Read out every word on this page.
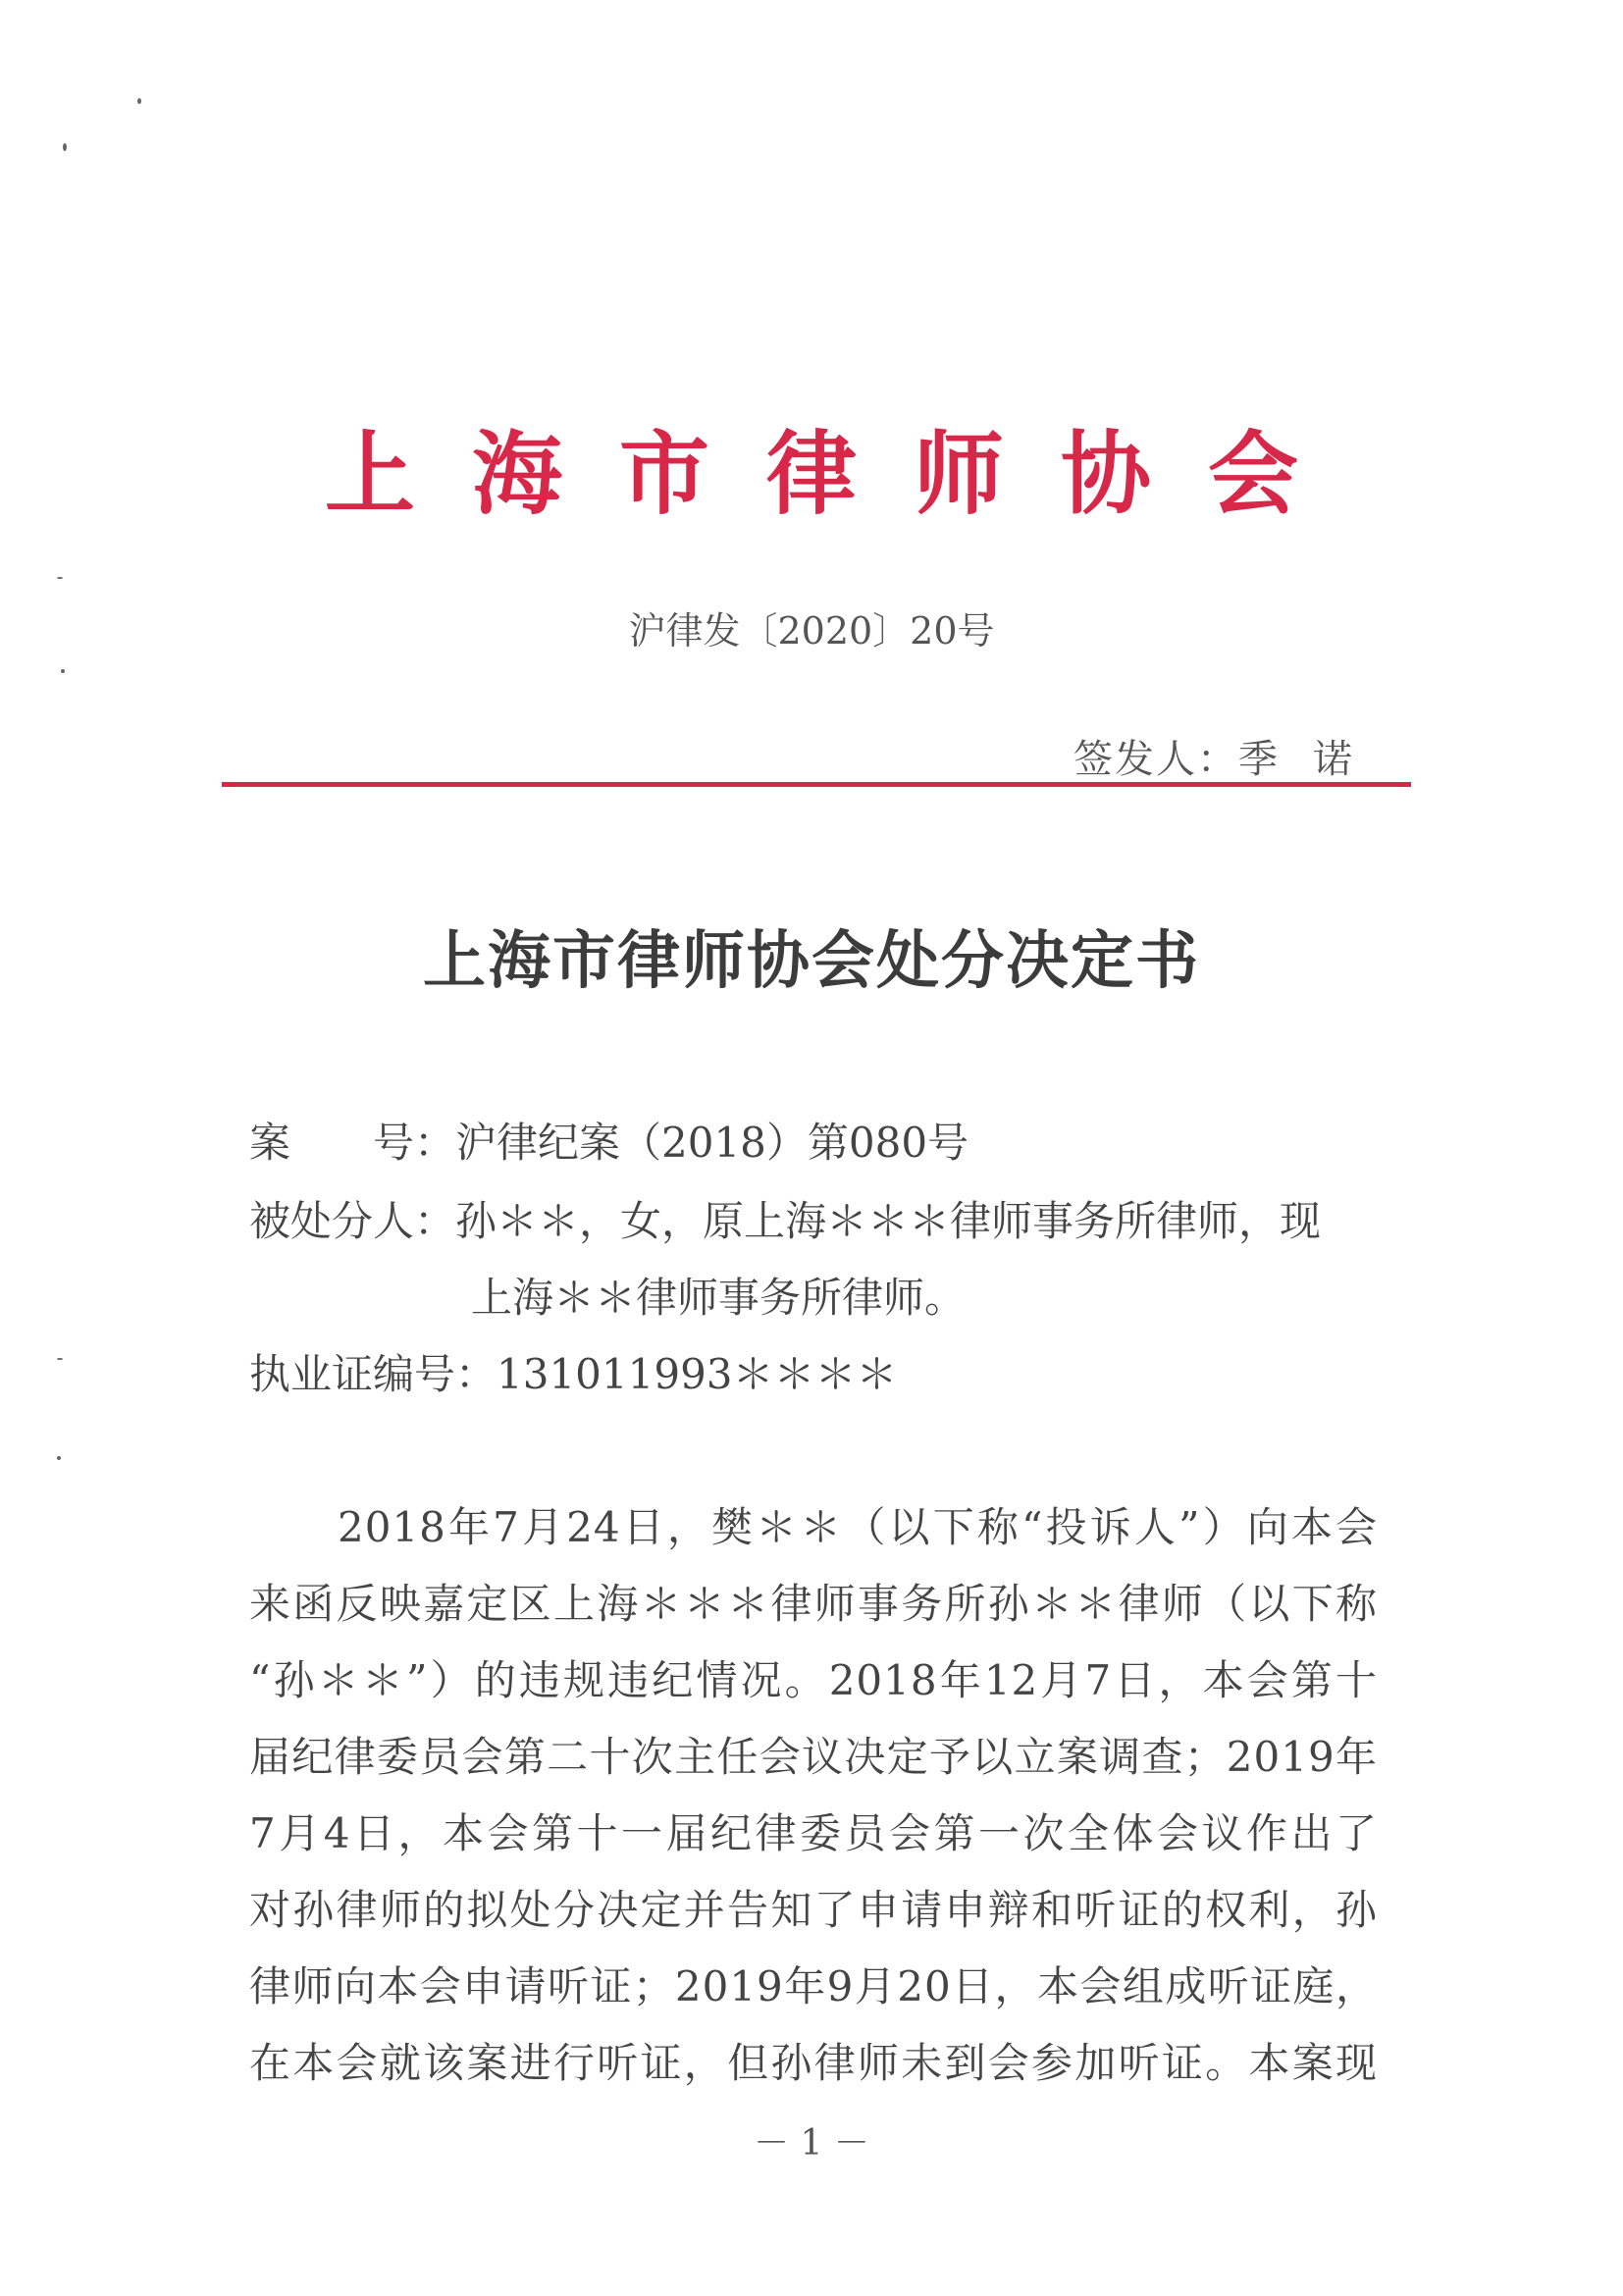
上海市律师协会
沪律发〔2020〕20号
签发人：季诺
上海市律师协会处分决定书
案　　号：沪律纪案（2018）第080号
被处分人：孙＊＊，女，原上海＊＊＊律师事务所律师，现
上海＊＊律师事务所律师。
执业证编号：131011993＊＊＊＊
2018年7月24日，樊＊＊（以下称“投诉人”）向本会
来函反映嘉定区上海＊＊＊律师事务所孙＊＊律师（以下称
“孙＊＊”）的违规违纪情况。2018年12月7日，本会第十
届纪律委员会第二十次主任会议决定予以立案调查；2019年
7月4日，本会第十一届纪律委员会第一次全体会议作出了
对孙律师的拟处分决定并告知了申请申辩和听证的权利，孙
律师向本会申请听证；2019年9月20日，本会组成听证庭，
在本会就该案进行听证，但孙律师未到会参加听证。本案现
－ 1 －
